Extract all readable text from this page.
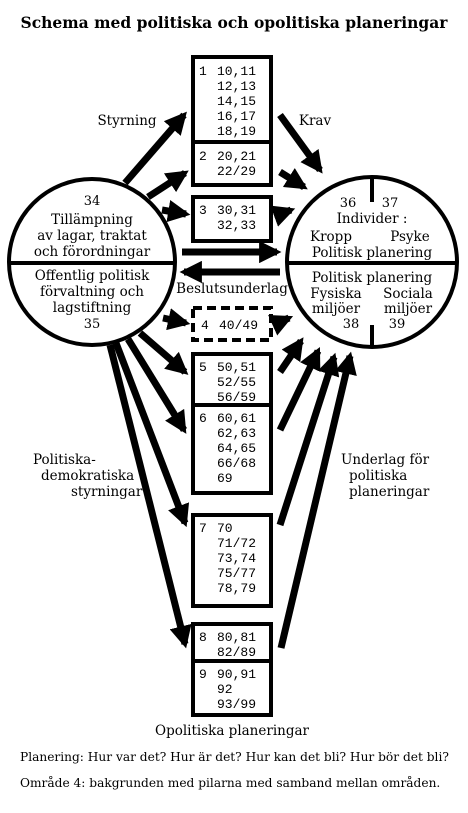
Schema med politiska och opolitiska planeringar
34
Tillämpning
av lagar, traktat
och förordningar
Offentlig politisk
förvaltning och
lagstiftning
35
36 37
Individer :
Kropp	Psyke
Politisk planering
Politisk planering
Fysiska Sociala
miljöer miljöer
38 39
1 10,11
12,13
14,15
16,17
18,19
2 20,21
22/29
3 30,31
32,33
4 40/49
5 50,51
52/55
56/59
6 60,61
62,63
64,65
66/68
69
7 70
71/72
73,74
75/77
78,79
8 80,81
82/89
9 90,91
92
93/99
Styrning	Krav
Beslutsunderlag
Politiska-
demokratiska
styrningar
Underlag för
politiska
planeringar
Opolitiska planeringar
Planering: Hur var det? Hur är det? Hur kan det bli? Hur bör det bli?
Område 4: bakgrunden med pilarna med samband mellan områden.
